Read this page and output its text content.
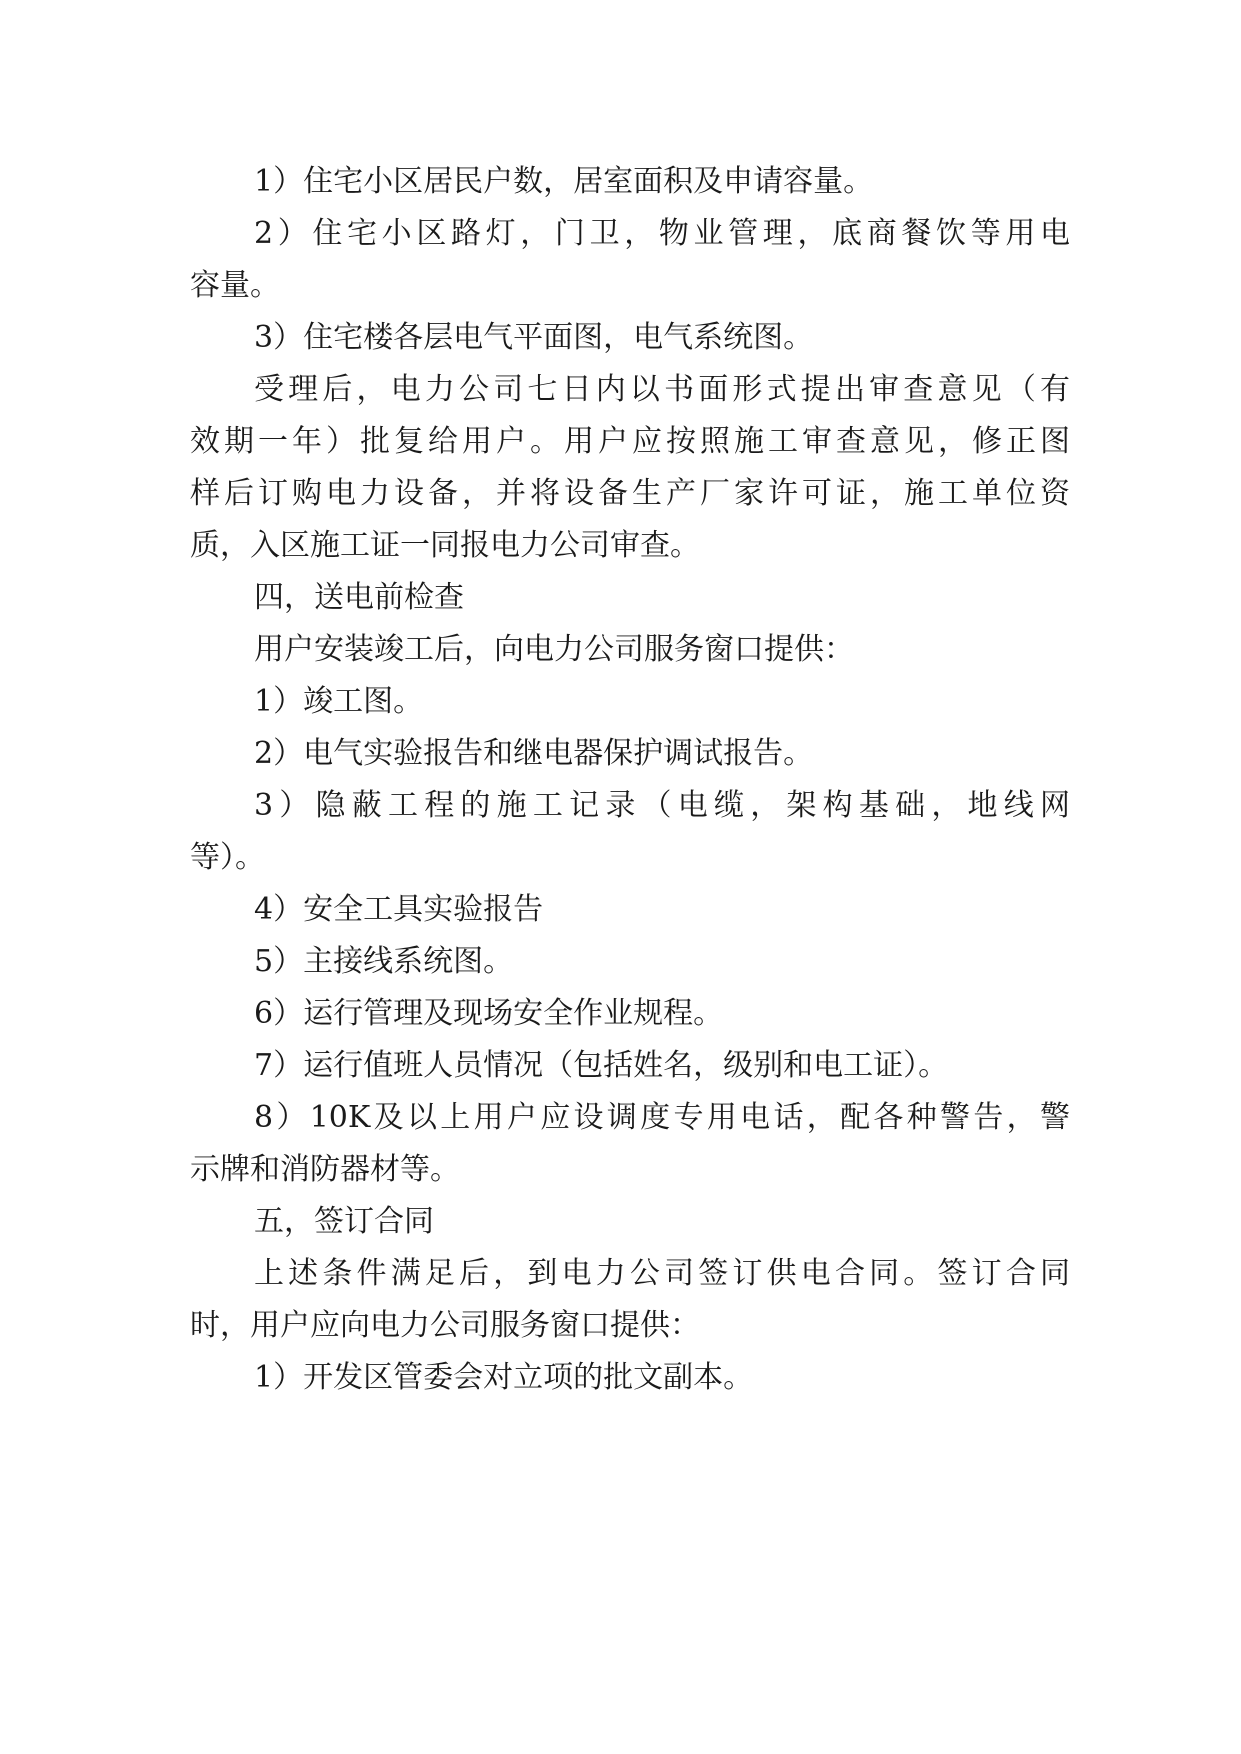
1）住宅小区居民户数，居室面积及申请容量。
2）住宅小区路灯，门卫，物业管理，底商餐饮等用电
容量。
3）住宅楼各层电气平面图，电气系统图。
受理后，电力公司七日内以书面形式提出审查意见（有
效期一年）批复给用户。用户应按照施工审查意见，修正图
样后订购电力设备，并将设备生产厂家许可证，施工单位资
质，入区施工证一同报电力公司审查。
四，送电前检查
用户安装竣工后，向电力公司服务窗口提供：
1）竣工图。
2）电气实验报告和继电器保护调试报告。
3）隐蔽工程的施工记录（电缆，架构基础，地线网
等）。
4）安全工具实验报告
5）主接线系统图。
6）运行管理及现场安全作业规程。
7）运行值班人员情况（包括姓名，级别和电工证）。
8）10K及以上用户应设调度专用电话，配各种警告，警
示牌和消防器材等。
五，签订合同
上述条件满足后，到电力公司签订供电合同。签订合同
时，用户应向电力公司服务窗口提供：
1）开发区管委会对立项的批文副本。
